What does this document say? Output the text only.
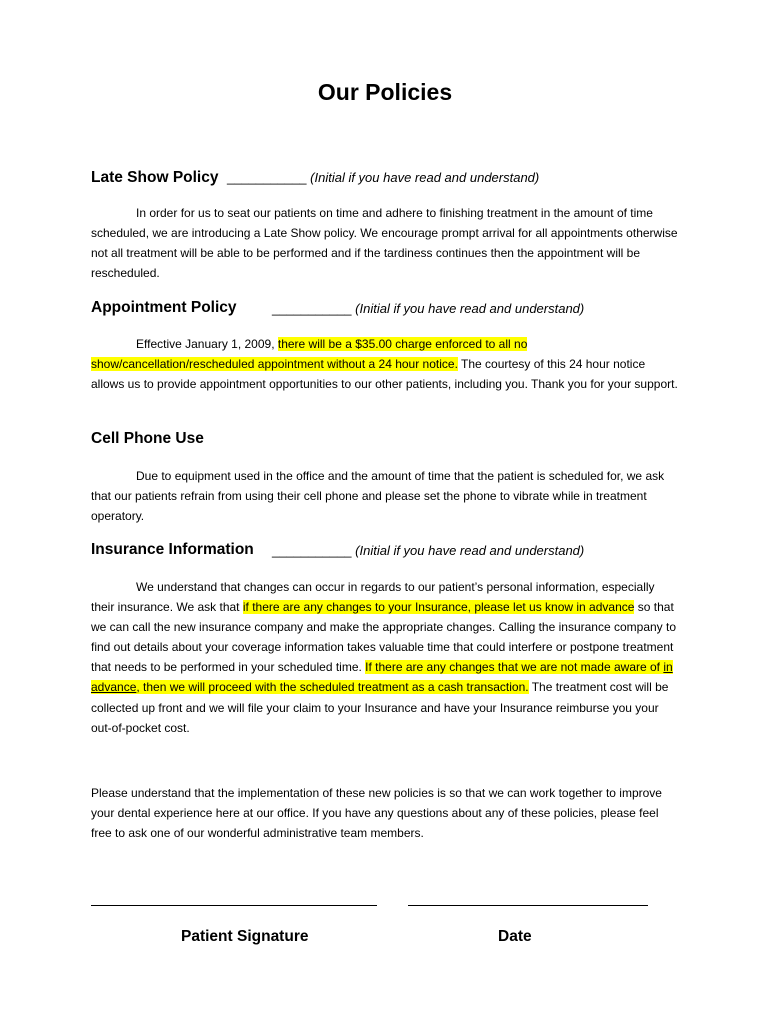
Our Policies
Late Show Policy ___________ (Initial if you have read and understand)
In order for us to seat our patients on time and adhere to finishing treatment in the amount of time scheduled, we are introducing a Late Show policy. We encourage prompt arrival for all appointments otherwise not all treatment will be able to be performed and if the tardiness continues then the appointment will be rescheduled.
Appointment Policy	___________ (Initial if you have read and understand)
Effective January 1, 2009, there will be a $35.00 charge enforced to all no show/cancellation/rescheduled appointment without a 24 hour notice. The courtesy of this 24 hour notice allows us to provide appointment opportunities to our other patients, including you. Thank you for your support.
Cell Phone Use
Due to equipment used in the office and the amount of time that the patient is scheduled for, we ask that our patients refrain from using their cell phone and please set the phone to vibrate while in treatment operatory.
Insurance Information ___________ (Initial if you have read and understand)
We understand that changes can occur in regards to our patient’s personal information, especially their insurance. We ask that if there are any changes to your Insurance, please let us know in advance so that we can call the new insurance company and make the appropriate changes. Calling the insurance company to find out details about your coverage information takes valuable time that could interfere or postpone treatment that needs to be performed in your scheduled time. If there are any changes that we are not made aware of in advance, then we will proceed with the scheduled treatment as a cash transaction. The treatment cost will be collected up front and we will file your claim to your Insurance and have your Insurance reimburse you your out-of-pocket cost.
Please understand that the implementation of these new policies is so that we can work together to improve your dental experience here at our office. If you have any questions about any of these policies, please feel free to ask one of our wonderful administrative team members.
Patient Signature	Date
